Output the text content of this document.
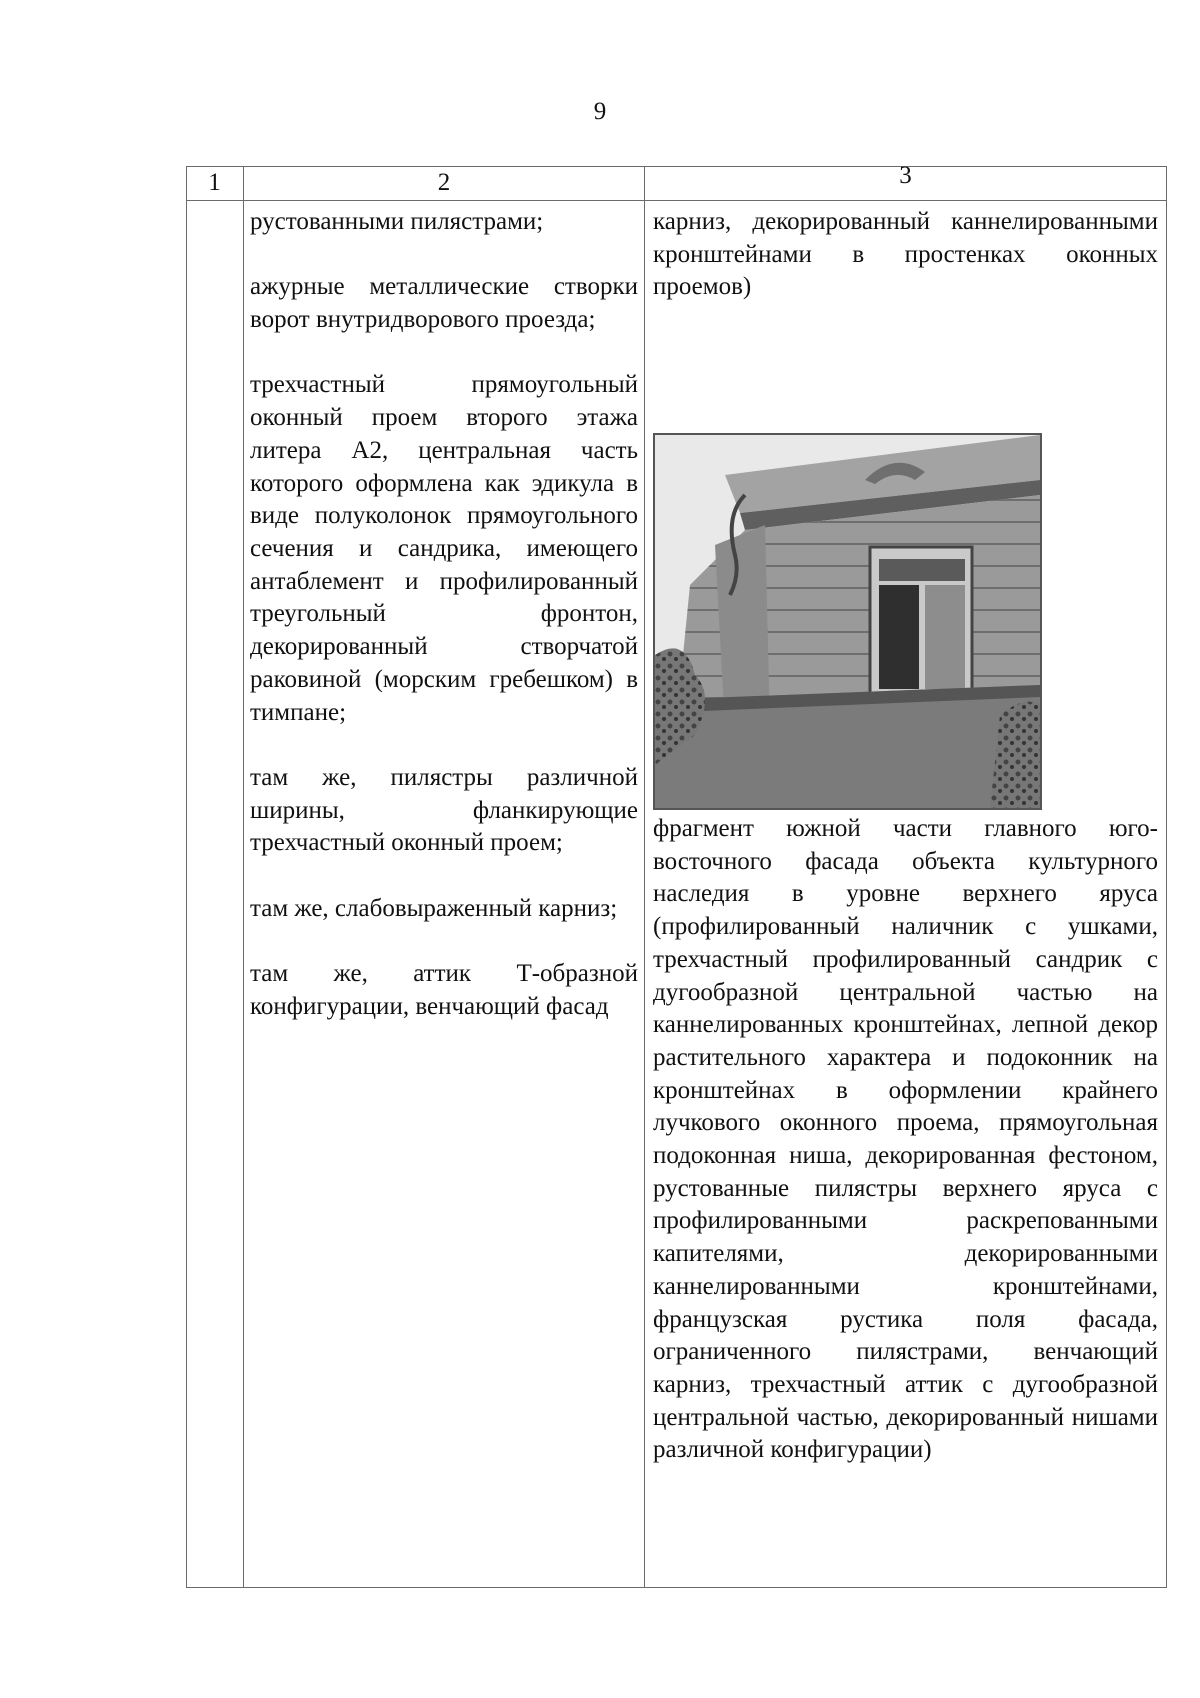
9
1	2	3

рустованными пилястрами;

ажурные металлические створки ворот внутридворового проезда;

трехчастный прямоугольный оконный проем второго этажа литера А2, центральная часть которого оформлена как эдикула в виде полуколонок прямоугольного сечения и сандрика, имеющего антаблемент и профилированный треугольный фронтон, декорированный створчатой раковиной (морским гребешком) в тимпане;

там же, пилястры различной ширины, фланкирующие трехчастный оконный проем;

там же, слабовыраженный карниз;

там же, аттик Т-образной конфигурации, венчающий фасад

карниз, декорированный каннелированными кронштейнами в простенках оконных проемов)

фрагмент южной части главного юго-восточного фасада объекта культурного наследия в уровне верхнего яруса (профилированный наличник с ушками, трехчастный профилированный сандрик с дугообразной центральной частью на каннелированных кронштейнах, лепной декор растительного характера и подоконник на кронштейнах в оформлении крайнего лучкового оконного проема, прямоугольная подоконная ниша, декорированная фестоном, рустованные пилястры верхнего яруса с профилированными раскрепованными капителями, декорированными каннелированными кронштейнами, французская рустика поля фасада, ограниченного пилястрами, венчающий карниз, трехчастный аттик с дугообразной центральной частью, декорированный нишами различной конфигурации)
